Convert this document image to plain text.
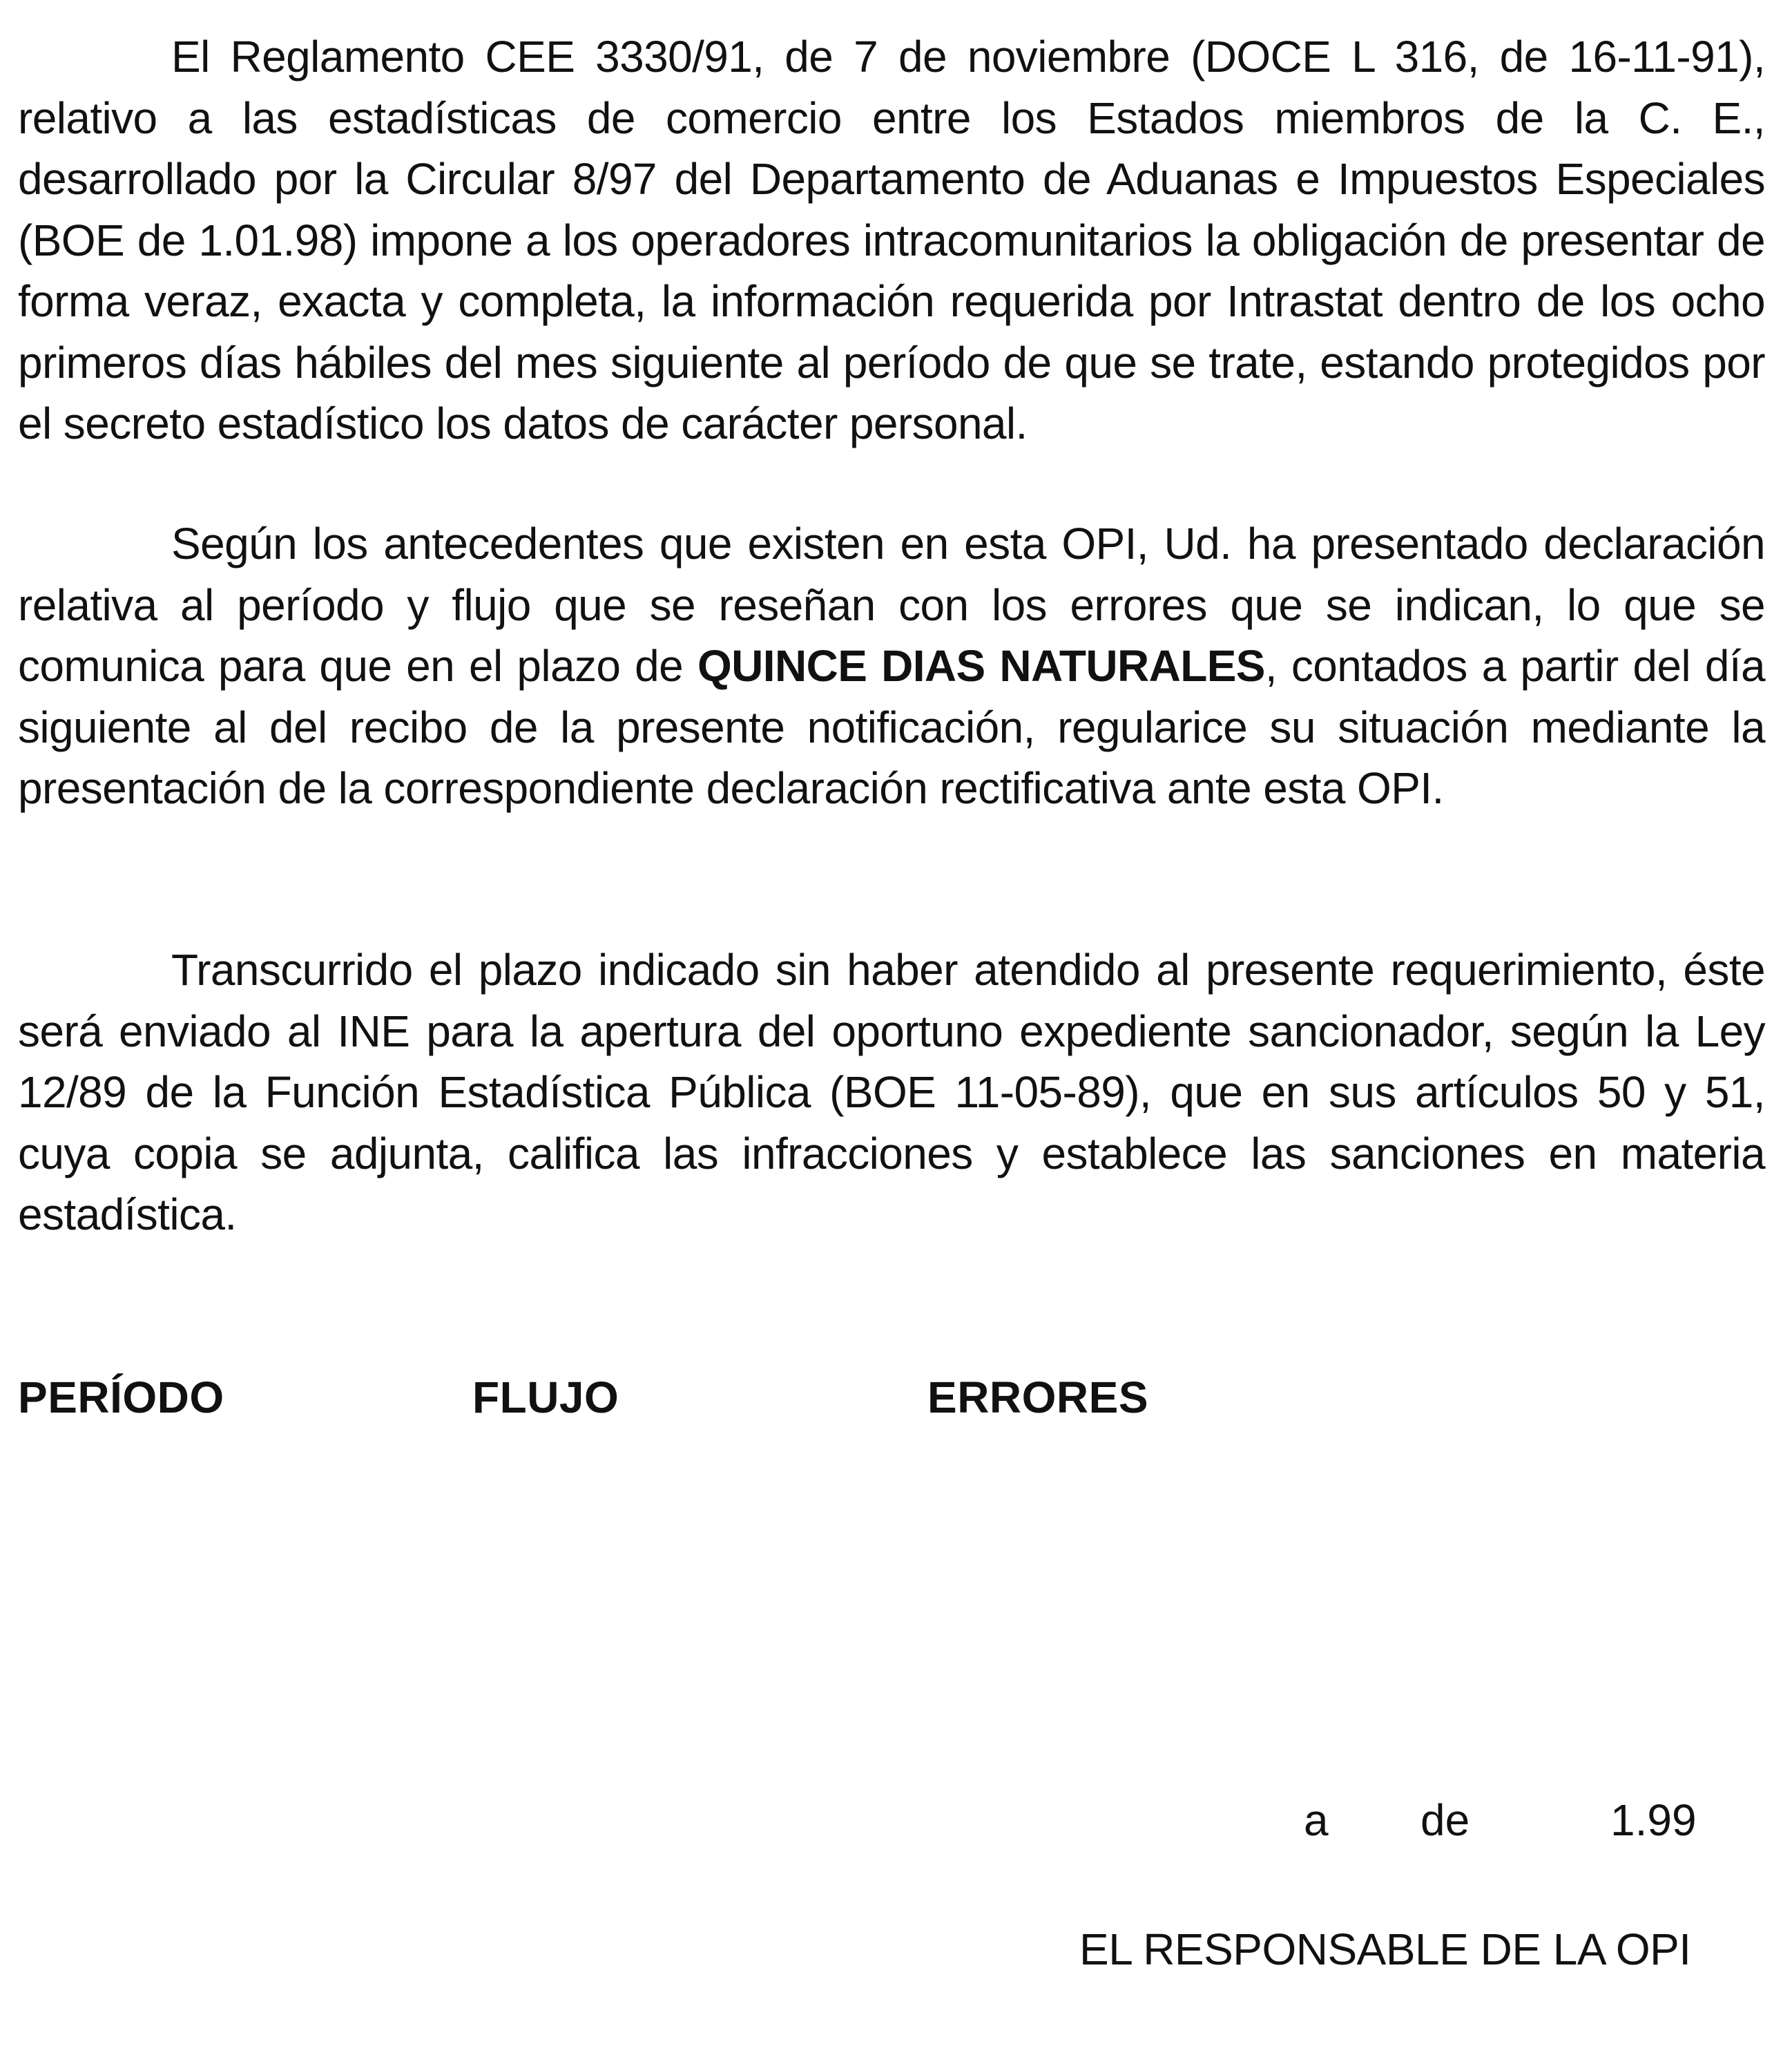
El Reglamento CEE 3330/91, de 7 de noviembre (DOCE L 316, de 16-11-91), relativo a las estadísticas de comercio entre los Estados miembros de la C. E., desarrollado por la Circular 8/97 del Departamento de Aduanas e Impuestos Especiales (BOE de 1.01.98) impone a los operadores intracomunitarios la obligación de presentar de forma veraz, exacta y completa, la información requerida por Intrastat dentro de los ocho primeros días hábiles del mes siguiente al período de que se trate, estando protegidos por el secreto estadístico los datos de carácter personal.

Según los antecedentes que existen en esta OPI, Ud. ha presentado declaración relativa al período y flujo que se reseñan con los errores que se indican, lo que se comunica para que en el plazo de QUINCE DIAS NATURALES, contados a partir del día siguiente al del recibo de la presente notificación, regularice su situación mediante la presentación de la correspondiente declaración rectificativa ante esta OPI.

Transcurrido el plazo indicado sin haber atendido al presente requerimiento, éste será enviado al INE para la apertura del oportuno expediente sancionador, según la Ley 12/89 de la Función Estadística Pública (BOE 11-05-89), que en sus artículos 50 y 51, cuya copia se adjunta, califica las infracciones y establece las sanciones en materia estadística.

PERÍODO	FLUJO	ERRORES

a de	1.99

EL RESPONSABLE DE LA OPI
